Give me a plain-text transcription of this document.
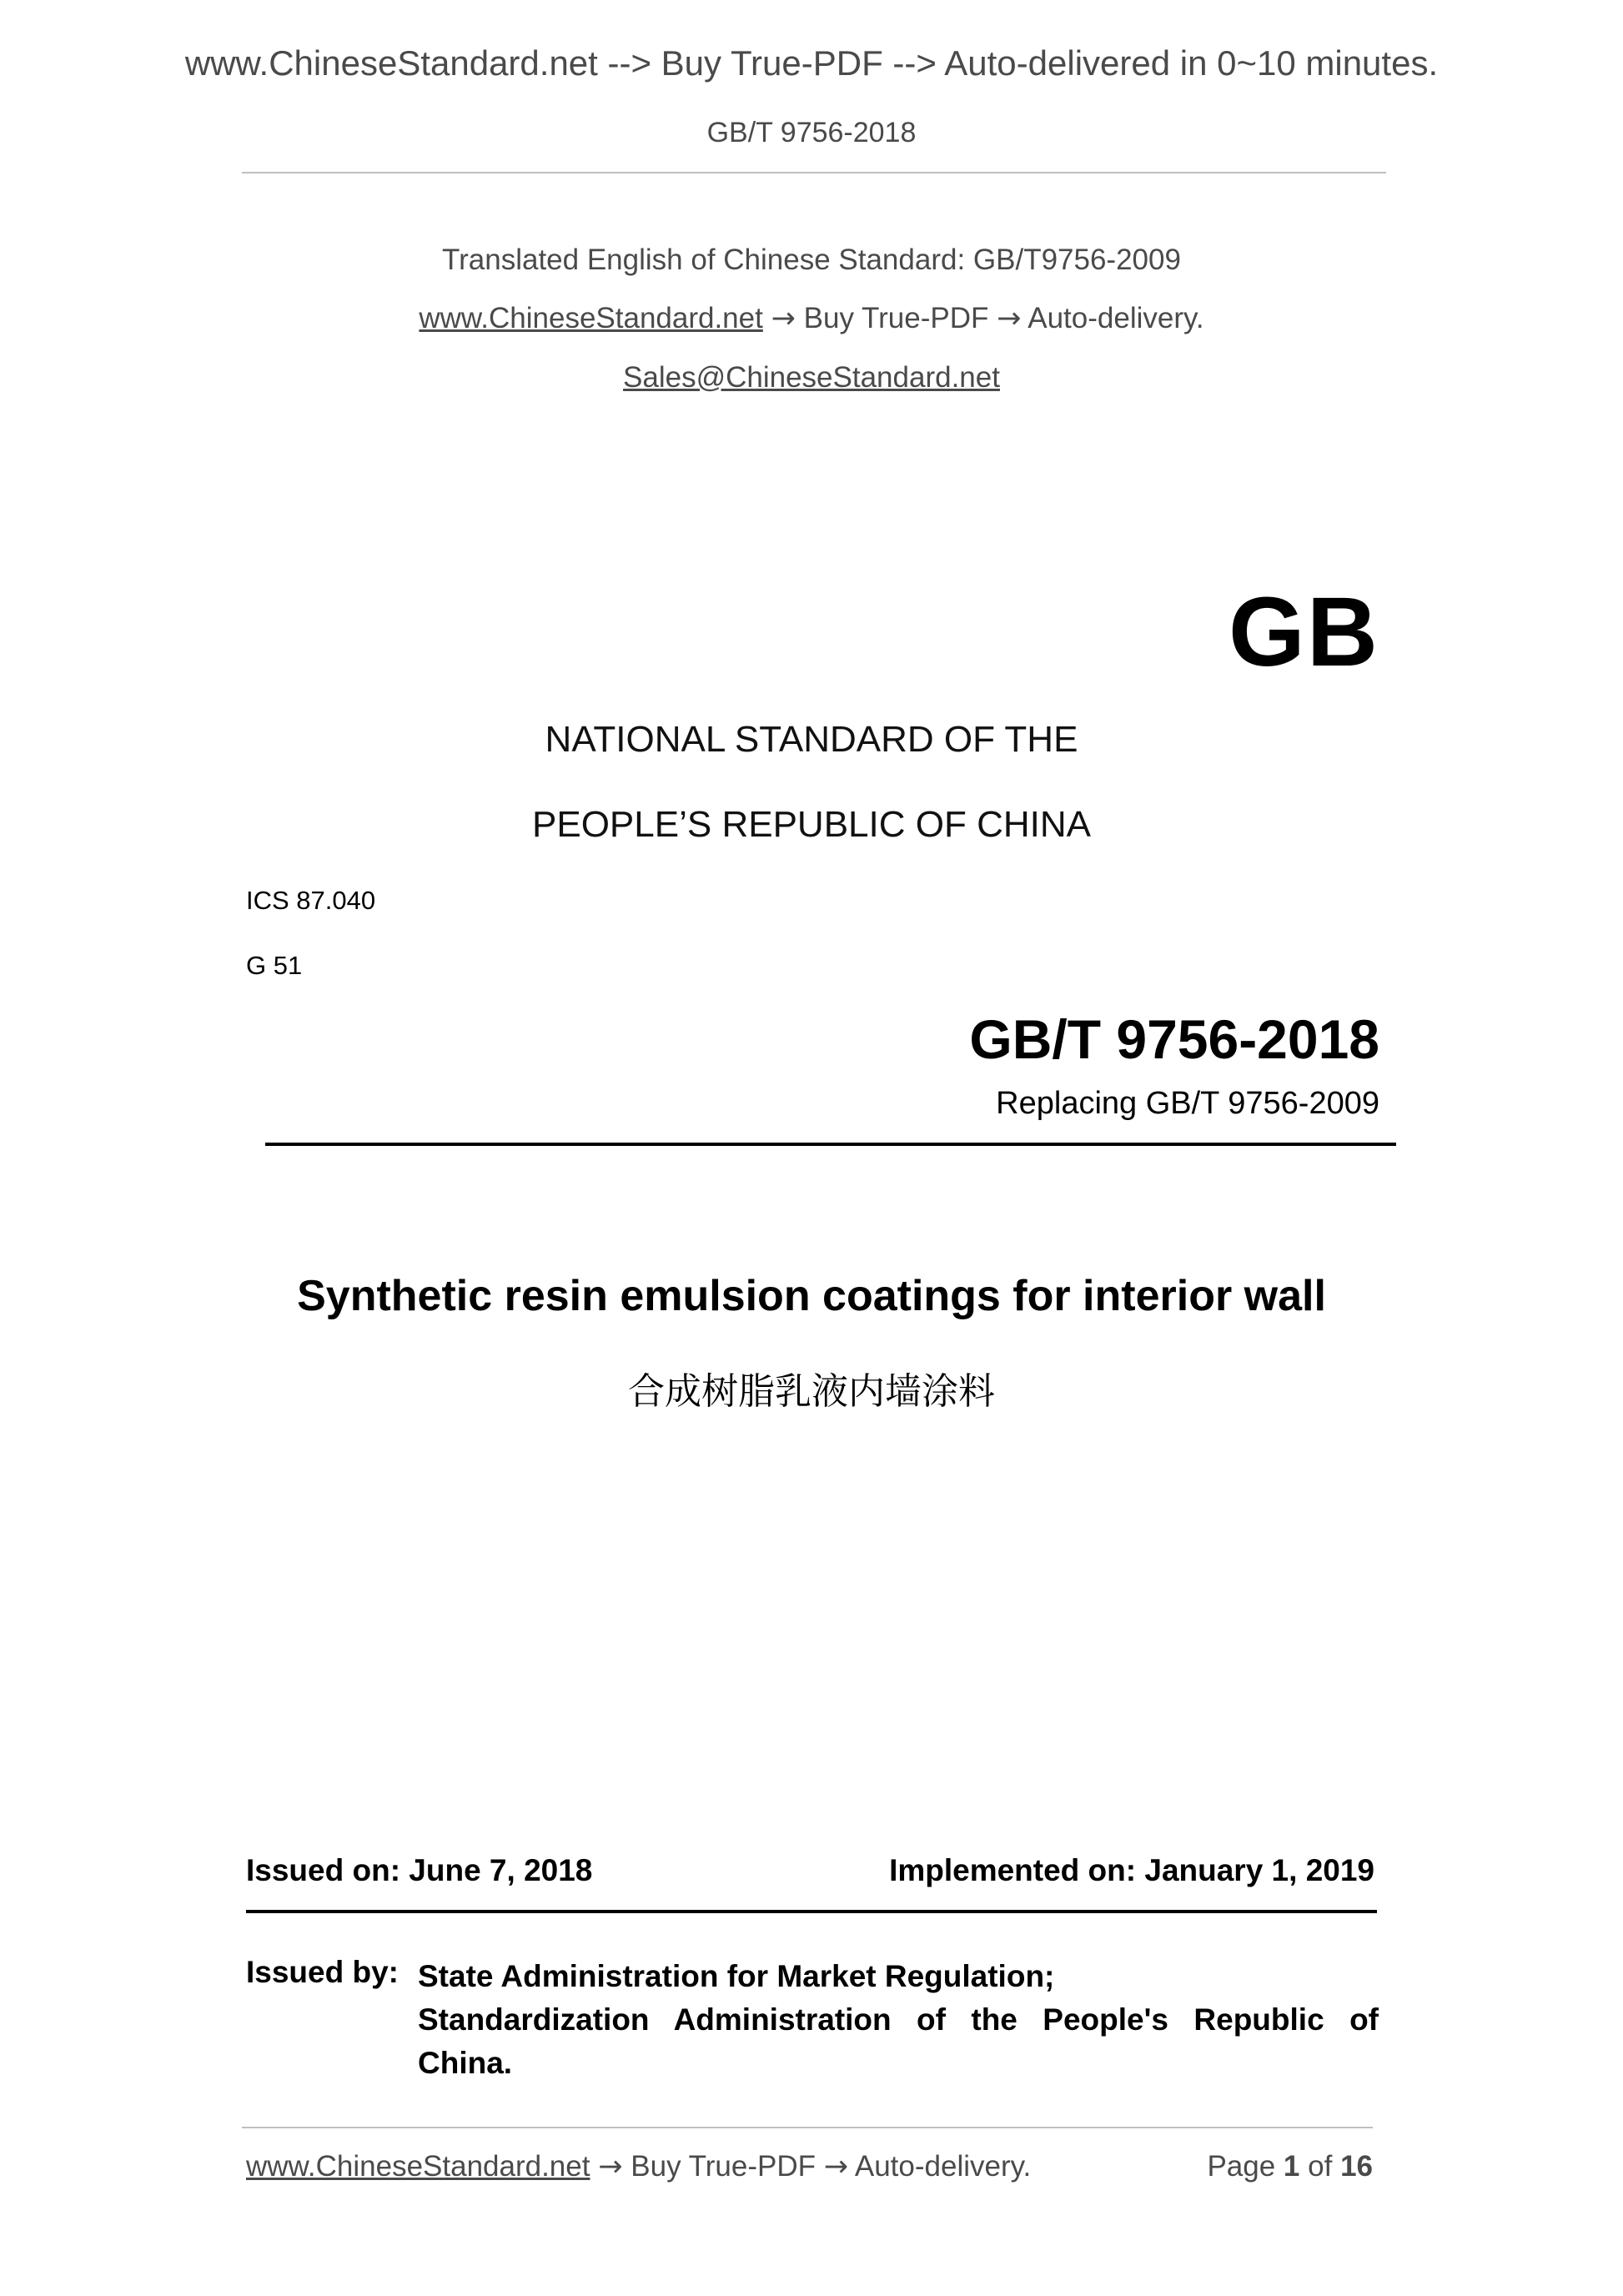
www.ChineseStandard.net --> Buy True-PDF --> Auto-delivered in 0~10 minutes.
GB/T 9756-2018
Translated English of Chinese Standard: GB/T9756-2009
www.ChineseStandard.net → Buy True-PDF → Auto-delivery.
Sales@ChineseStandard.net
GB
NATIONAL STANDARD OF THE
PEOPLE’S REPUBLIC OF CHINA
ICS 87.040
G 51
GB/T 9756-2018
Replacing GB/T 9756-2009
Synthetic resin emulsion coatings for interior wall
合成树脂乳液内墙涂料
Issued on: June 7, 2018	Implemented on: January 1, 2019
Issued by: State Administration for Market Regulation;
Standardization Administration of the People's Republic of
China.
www.ChineseStandard.net → Buy True-PDF → Auto-delivery.	Page 1 of 16
